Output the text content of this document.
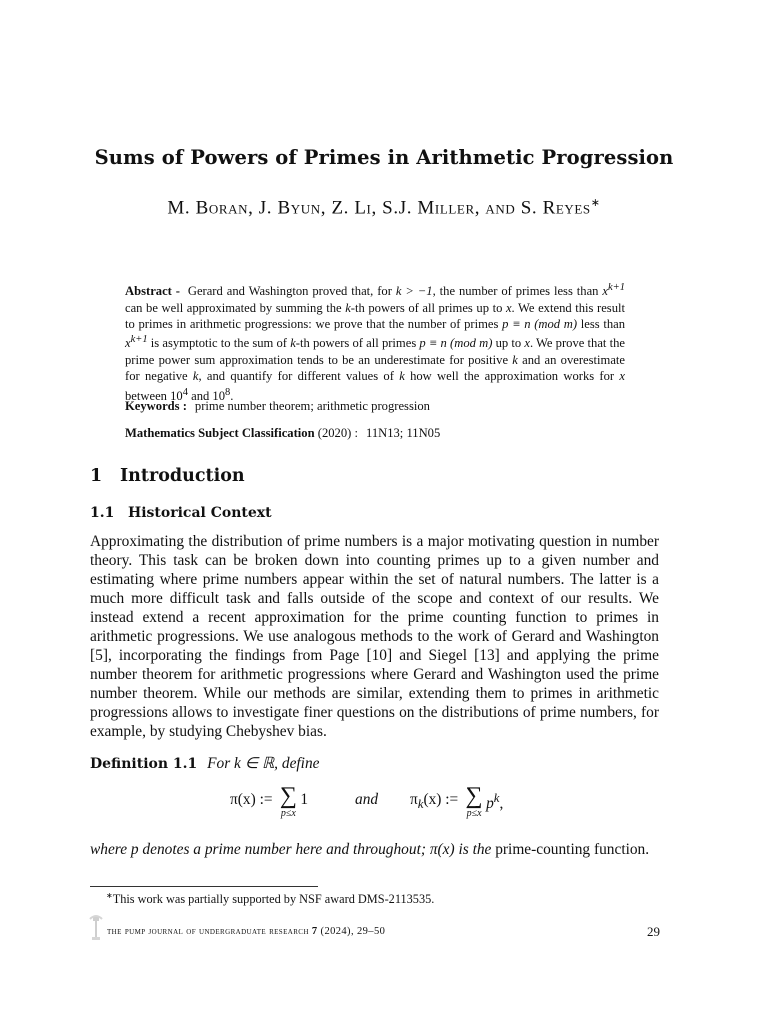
Sums of Powers of Primes in Arithmetic Progression
M. Boran, J. Byun, Z. Li, S.J. Miller, and S. Reyes∗
Abstract - Gerard and Washington proved that, for k > −1, the number of primes less than $x^{k+1}$ can be well approximated by summing the k-th powers of all primes up to x. We extend this result to primes in arithmetic progressions: we prove that the number of primes p ≡ n (mod m) less than $x^{k+1}$ is asymptotic to the sum of k-th powers of all primes p ≡ n (mod m) up to x. We prove that the prime power sum approximation tends to be an underestimate for positive k and an overestimate for negative k, and quantify for different values of k how well the approximation works for x between $10^4$ and $10^8$.
Keywords : prime number theorem; arithmetic progression
Mathematics Subject Classification (2020) : 11N13; 11N05
1 Introduction
1.1 Historical Context
Approximating the distribution of prime numbers is a major motivating question in number theory. This task can be broken down into counting primes up to a given number and estimating where prime numbers appear within the set of natural numbers. The latter is a much more difficult task and falls outside of the scope and context of our results. We instead extend a recent approximation for the prime counting function to primes in arithmetic progressions. We use analogous methods to the work of Gerard and Washington [5], incorporating the findings from Page [10] and Siegel [13] and applying the prime number theorem for arithmetic progressions where Gerard and Washington used the prime number theorem. While our methods are similar, extending them to primes in arithmetic progressions allows to investigate finer questions on the distributions of prime numbers, for example, by studying Chebyshev bias.
Definition 1.1 For k ∈ ℝ, define
π(x) := ∑
p≤x
1	and $\pi_k(x)$ := ∑
p≤x
$p^k$,
where p denotes a prime number here and throughout; π(x) is the prime-counting function.
∗This work was partially supported by NSF award DMS-2113535.
the pump journal of undergraduate research 7 (2024), 29–50	29
